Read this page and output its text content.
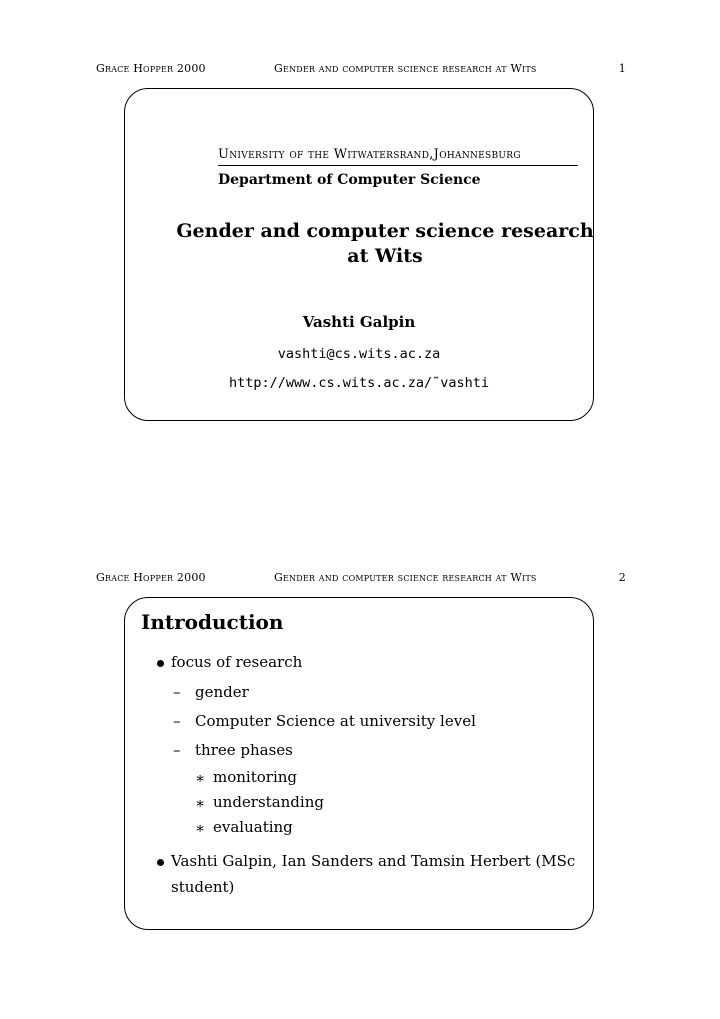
Grace Hopper 2000	Gender and computer science research at Wits	1
University of the Witwatersrand,Johannesburg
Department of Computer Science
Gender and computer science research
at Wits
Vashti Galpin
vashti@cs.wits.ac.za
http://www.cs.wits.ac.za/˜vashti
Grace Hopper 2000	Gender and computer science research at Wits	2
Introduction
focus of research
– gender
– Computer Science at university level
– three phases
∗ monitoring
∗ understanding
∗ evaluating
Vashti Galpin, Ian Sanders and Tamsin Herbert (MSc
student)
